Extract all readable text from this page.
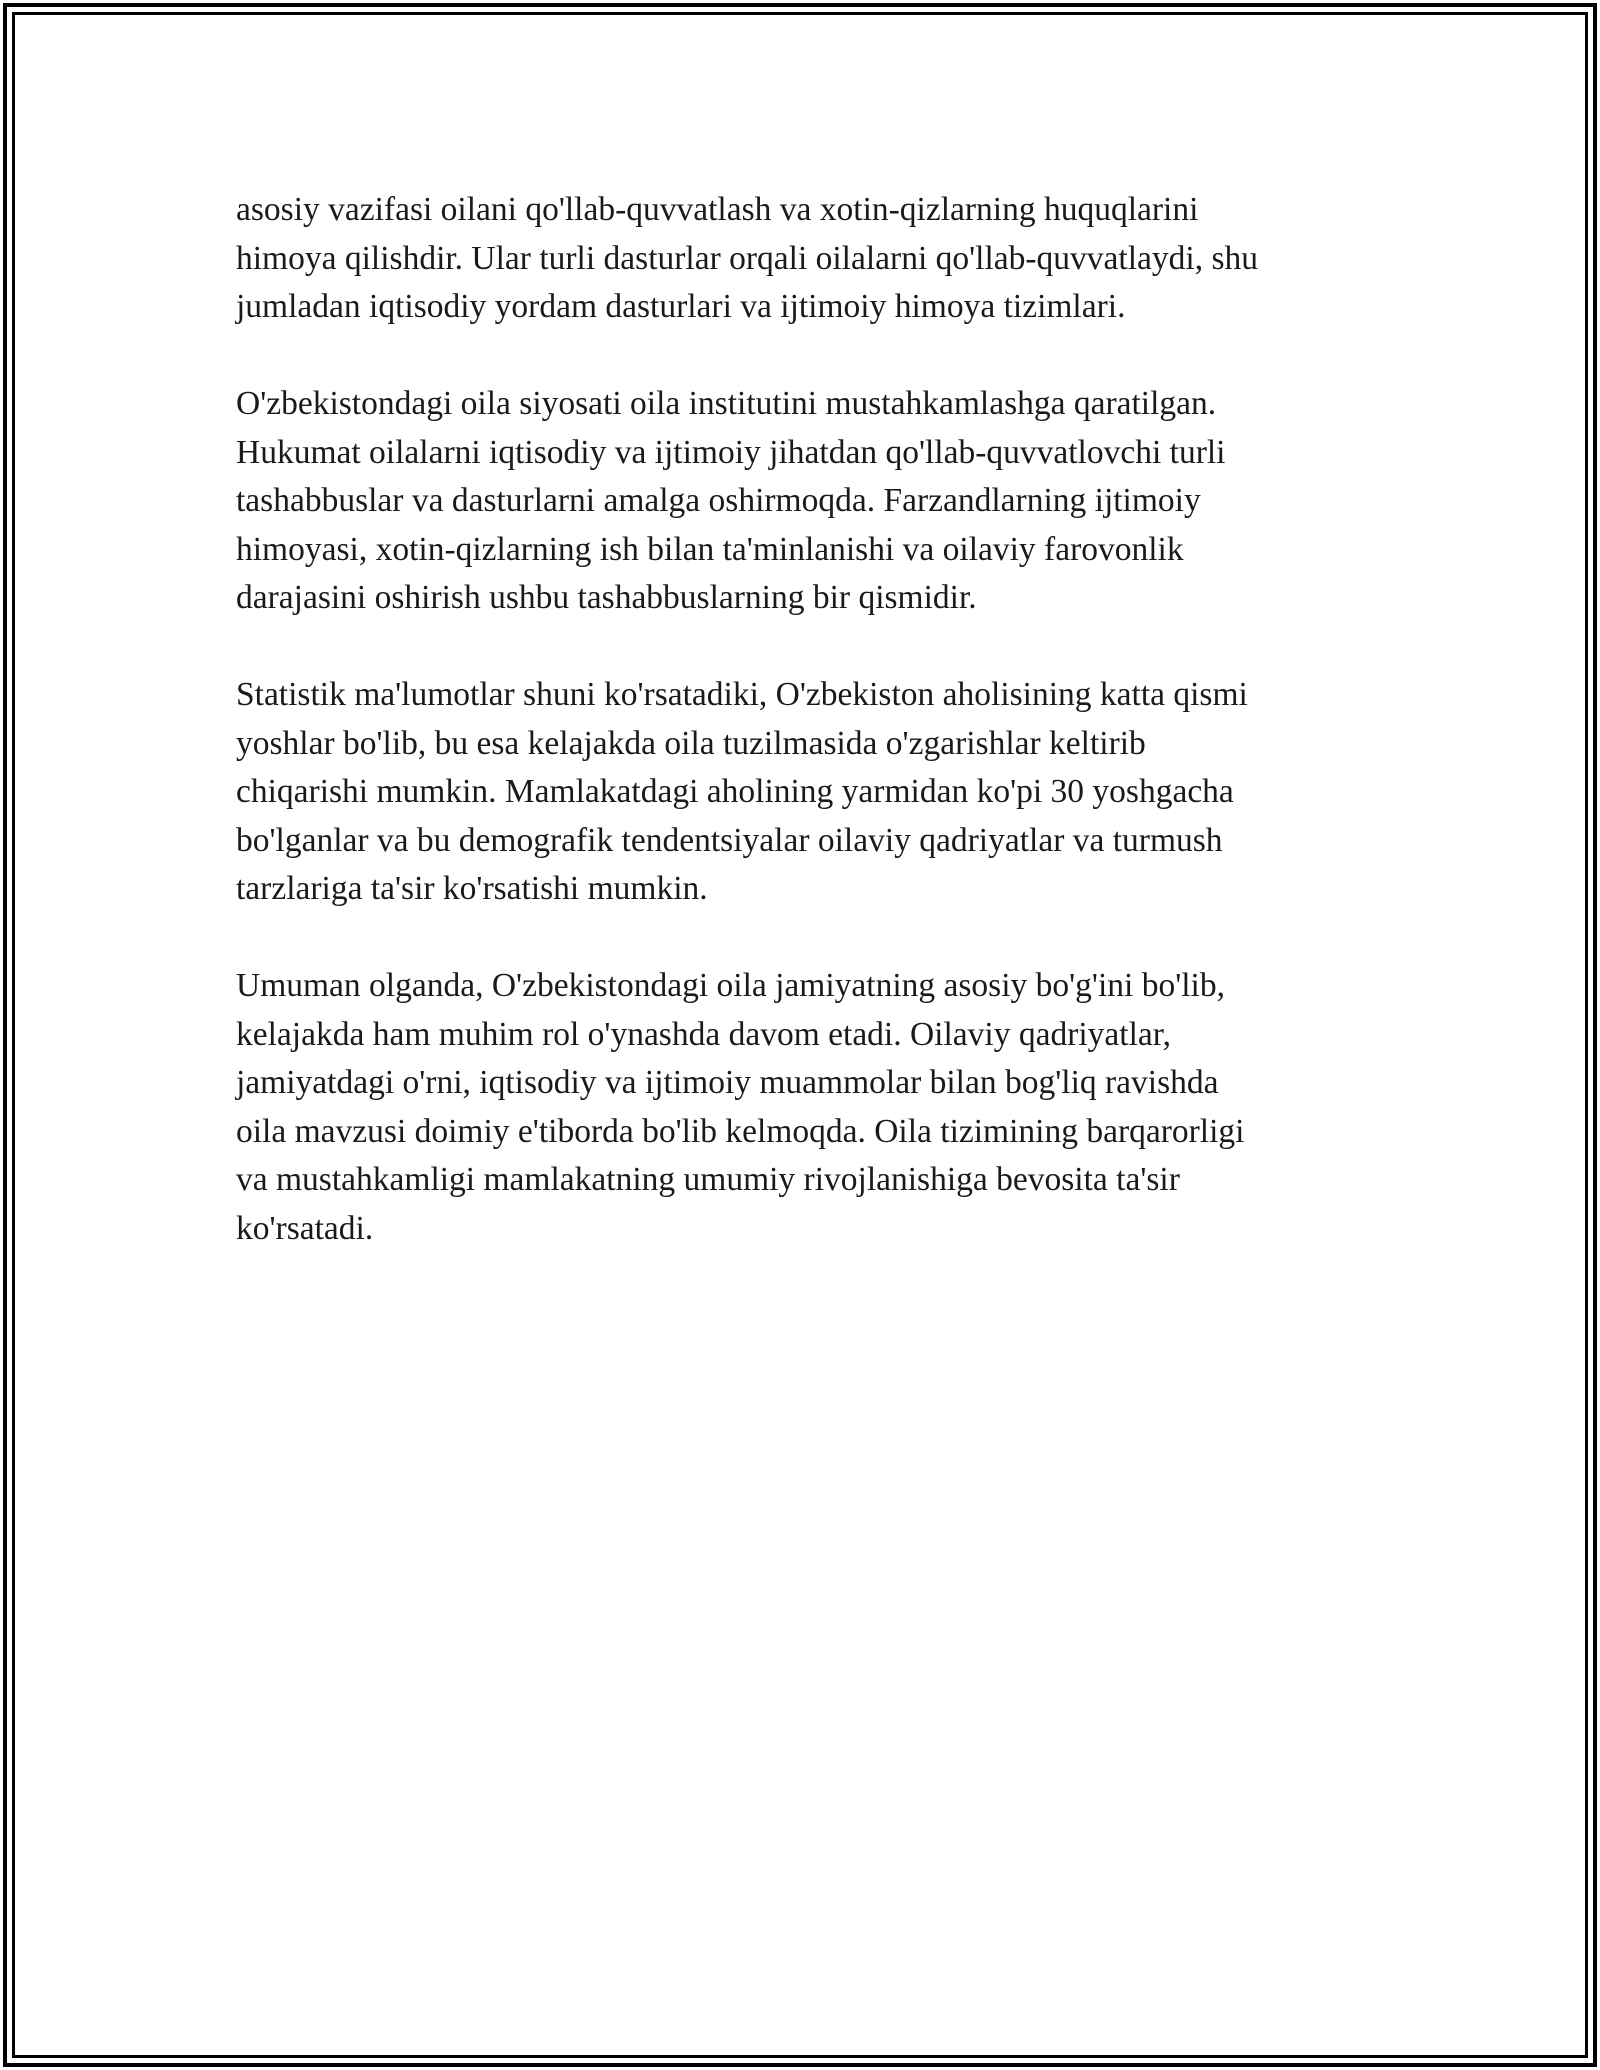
asosiy vazifasi oilani qo'llab-quvvatlash va xotin-qizlarning huquqlarini
himoya qilishdir. Ular turli dasturlar orqali oilalarni qo'llab-quvvatlaydi, shu
jumladan iqtisodiy yordam dasturlari va ijtimoiy himoya tizimlari.

O'zbekistondagi oila siyosati oila institutini mustahkamlashga qaratilgan.
Hukumat oilalarni iqtisodiy va ijtimoiy jihatdan qo'llab-quvvatlovchi turli
tashabbuslar va dasturlarni amalga oshirmoqda. Farzandlarning ijtimoiy
himoyasi, xotin-qizlarning ish bilan ta'minlanishi va oilaviy farovonlik
darajasini oshirish ushbu tashabbuslarning bir qismidir.

Statistik ma'lumotlar shuni ko'rsatadiki, O'zbekiston aholisining katta qismi
yoshlar bo'lib, bu esa kelajakda oila tuzilmasida o'zgarishlar keltirib
chiqarishi mumkin. Mamlakatdagi aholining yarmidan ko'pi 30 yoshgacha
bo'lganlar va bu demografik tendentsiyalar oilaviy qadriyatlar va turmush
tarzlariga ta'sir ko'rsatishi mumkin.

Umuman olganda, O'zbekistondagi oila jamiyatning asosiy bo'g'ini bo'lib,
kelajakda ham muhim rol o'ynashda davom etadi. Oilaviy qadriyatlar,
jamiyatdagi o'rni, iqtisodiy va ijtimoiy muammolar bilan bog'liq ravishda
oila mavzusi doimiy e'tiborda bo'lib kelmoqda. Oila tizimining barqarorligi
va mustahkamligi mamlakatning umumiy rivojlanishiga bevosita ta'sir
ko'rsatadi.
